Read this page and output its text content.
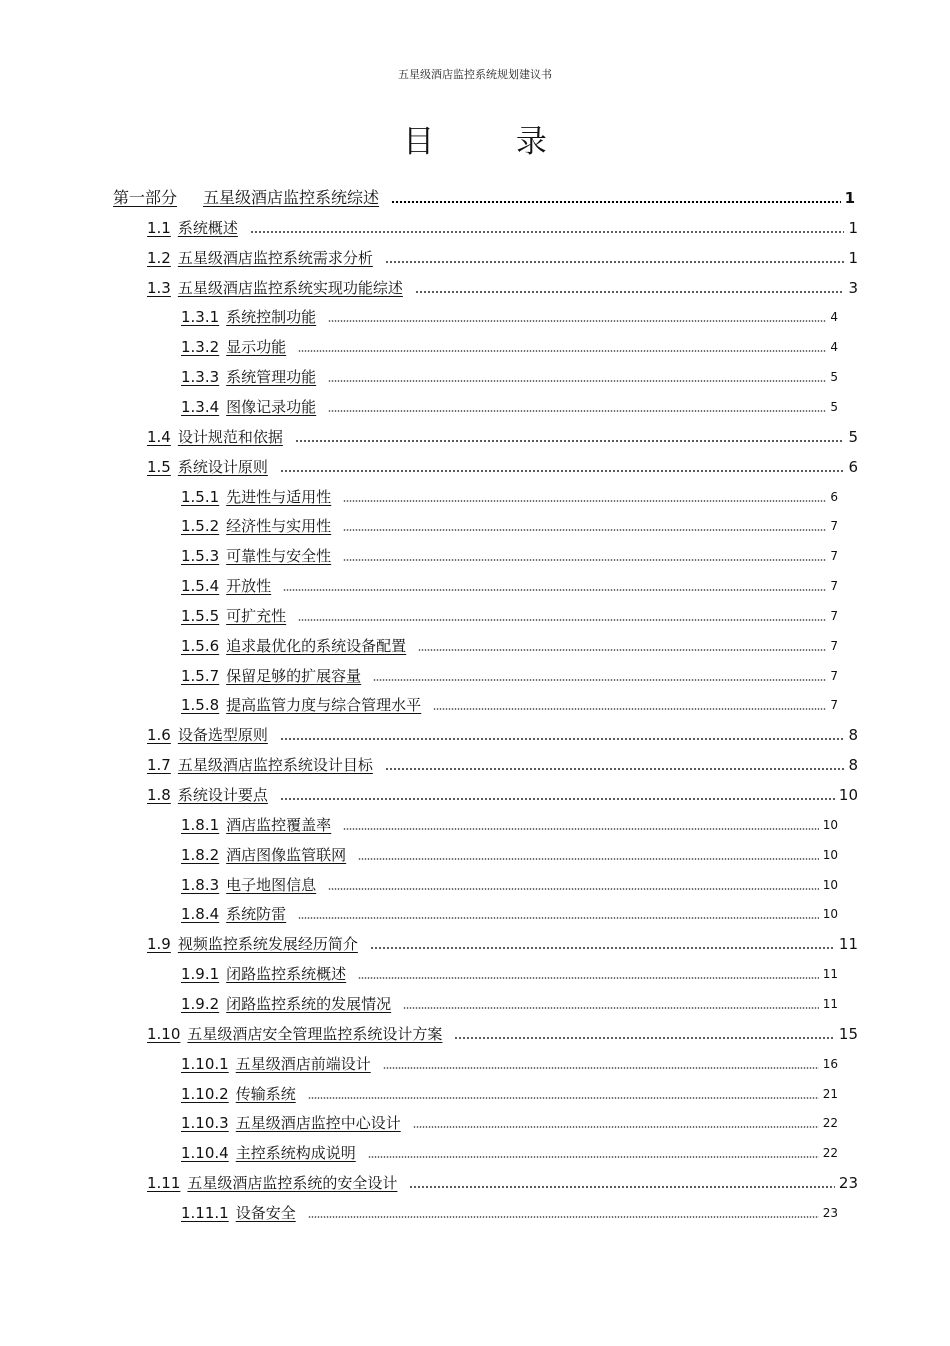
五星级酒店监控系统规划建议书
目 录
第一部分 五星级酒店监控系统综述	1
1.1 系统概述	1
1.2 五星级酒店监控系统需求分析	1
1.3 五星级酒店监控系统实现功能综述	3
1.3.1 系统控制功能	4
1.3.2 显示功能	4
1.3.3 系统管理功能	5
1.3.4 图像记录功能	5
1.4 设计规范和依据	5
1.5 系统设计原则	6
1.5.1 先进性与适用性	6
1.5.2 经济性与实用性	7
1.5.3 可靠性与安全性	7
1.5.4 开放性	7
1.5.5 可扩充性	7
1.5.6 追求最优化的系统设备配置	7
1.5.7 保留足够的扩展容量	7
1.5.8 提高监管力度与综合管理水平	7
1.6 设备选型原则	8
1.7 五星级酒店监控系统设计目标	8
1.8 系统设计要点	10
1.8.1 酒店监控覆盖率	10
1.8.2 酒店图像监管联网	10
1.8.3 电子地图信息	10
1.8.4 系统防雷	10
1.9 视频监控系统发展经历简介	11
1.9.1 闭路监控系统概述	11
1.9.2 闭路监控系统的发展情况	11
1.10 五星级酒店安全管理监控系统设计方案	15
1.10.1 五星级酒店前端设计	16
1.10.2 传输系统	21
1.10.3 五星级酒店监控中心设计	22
1.10.4 主控系统构成说明	22
1.11 五星级酒店监控系统的安全设计	23
1.11.1 设备安全	23
